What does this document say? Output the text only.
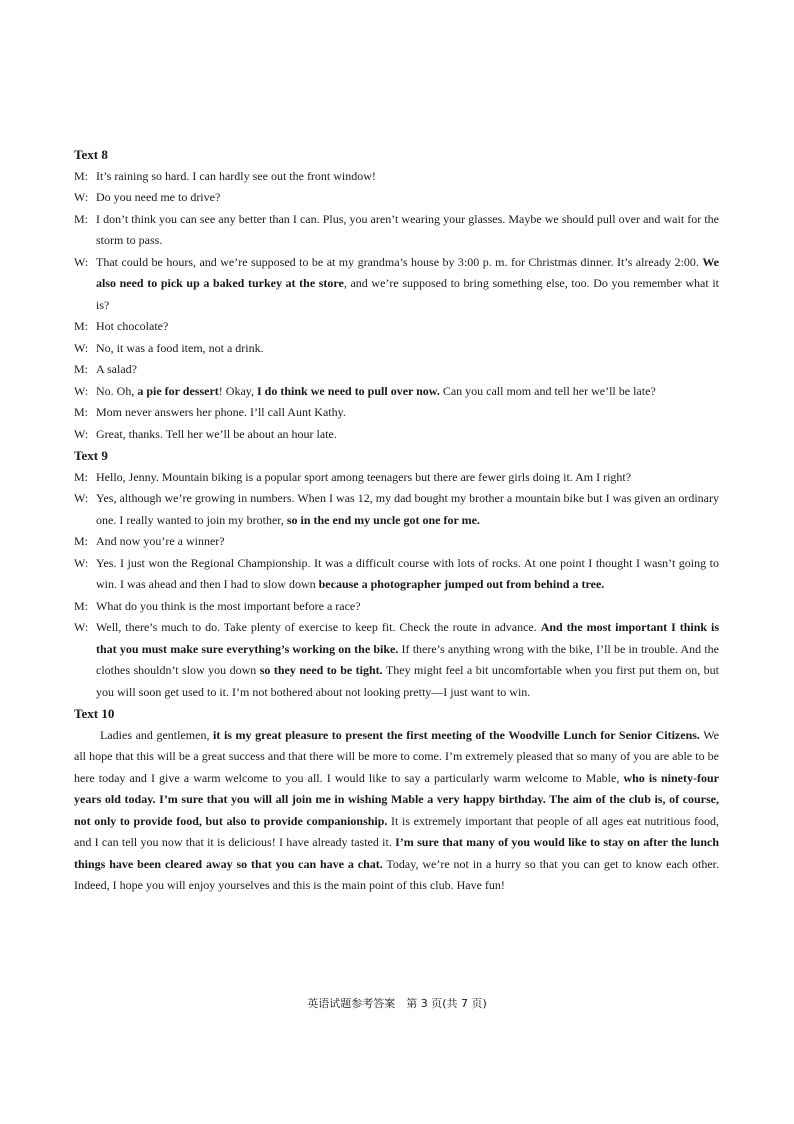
Text 8
M: It’s raining so hard. I can hardly see out the front window!
W: Do you need me to drive?
M: I don’t think you can see any better than I can. Plus, you aren’t wearing your glasses. Maybe we should pull over and wait for the storm to pass.
W: That could be hours, and we’re supposed to be at my grandma’s house by 3:00 p. m. for Christmas dinner. It’s already 2:00. We also need to pick up a baked turkey at the store, and we’re supposed to bring something else, too. Do you remember what it is?
M: Hot chocolate?
W: No, it was a food item, not a drink.
M: A salad?
W: No. Oh, a pie for dessert! Okay, I do think we need to pull over now. Can you call mom and tell her we’ll be late?
M: Mom never answers her phone. I’ll call Aunt Kathy.
W: Great, thanks. Tell her we’ll be about an hour late.
Text 9
M: Hello, Jenny. Mountain biking is a popular sport among teenagers but there are fewer girls doing it. Am I right?
W: Yes, although we’re growing in numbers. When I was 12, my dad bought my brother a mountain bike but I was given an ordinary one. I really wanted to join my brother, so in the end my uncle got one for me.
M: And now you’re a winner?
W: Yes. I just won the Regional Championship. It was a difficult course with lots of rocks. At one point I thought I wasn’t going to win. I was ahead and then I had to slow down because a photographer jumped out from behind a tree.
M: What do you think is the most important before a race?
W: Well, there’s much to do. Take plenty of exercise to keep fit. Check the route in advance. And the most important I think is that you must make sure everything’s working on the bike. If there’s anything wrong with the bike, I’ll be in trouble. And the clothes shouldn’t slow you down so they need to be tight. They might feel a bit uncomfortable when you first put them on, but you will soon get used to it. I’m not bothered about not looking pretty—I just want to win.
Text 10

Ladies and gentlemen, it is my great pleasure to present the first meeting of the Woodville Lunch for Senior Citizens. We all hope that this will be a great success and that there will be more to come. I’m extremely pleased that so many of you are able to be here today and I give a warm welcome to you all. I would like to say a particularly warm welcome to Mable, who is ninety-four years old today. I’m sure that you will all join me in wishing Mable a very happy birthday. The aim of the club is, of course, not only to provide food, but also to provide companionship. It is extremely important that people of all ages eat nutritious food, and I can tell you now that it is delicious! I have already tasted it. I’m sure that many of you would like to stay on after the lunch things have been cleared away so that you can have a chat. Today, we’re not in a hurry so that you can get to know each other. Indeed, I hope you will enjoy yourselves and this is the main point of this club. Have fun!

英语试题参考答案　第 3 页(共 7 页)
